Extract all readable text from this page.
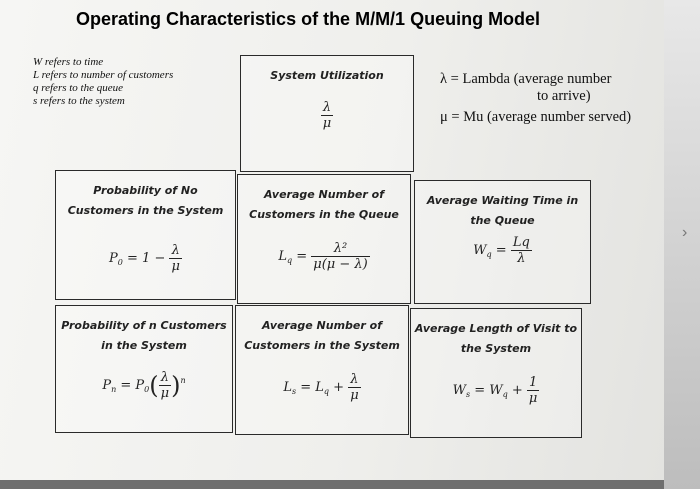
›
Operating Characteristics of the M/M/1 Queuing Model
W refers to time
L refers to number of customers
q refers to the queue
s refers to the system
λ = Lambda (average number
to arrive)
μ = Mu (average number served)
System Utilization
$\frac{\lambda}{\mu}$
Probability of No
Customers in the System
$P_0 = 1 - \frac{\lambda}{\mu}$
Average Number of
Customers in the Queue
$L_q = \frac{\text{λ²}}{\mu(\mu - \lambda)}$
Average Waiting Time in
the Queue
$W_q = \frac{Lq}{\lambda}$
Probability of n Customers
in the System
$P_n = P_0( \frac{\lambda}{\mu} )^n$
Average Number of
Customers in the System
$L_s = L_q + \frac{\lambda}{\mu}$
Average Length of Visit to
the System
$W_s = W_q + \frac{1}{\mu}$
